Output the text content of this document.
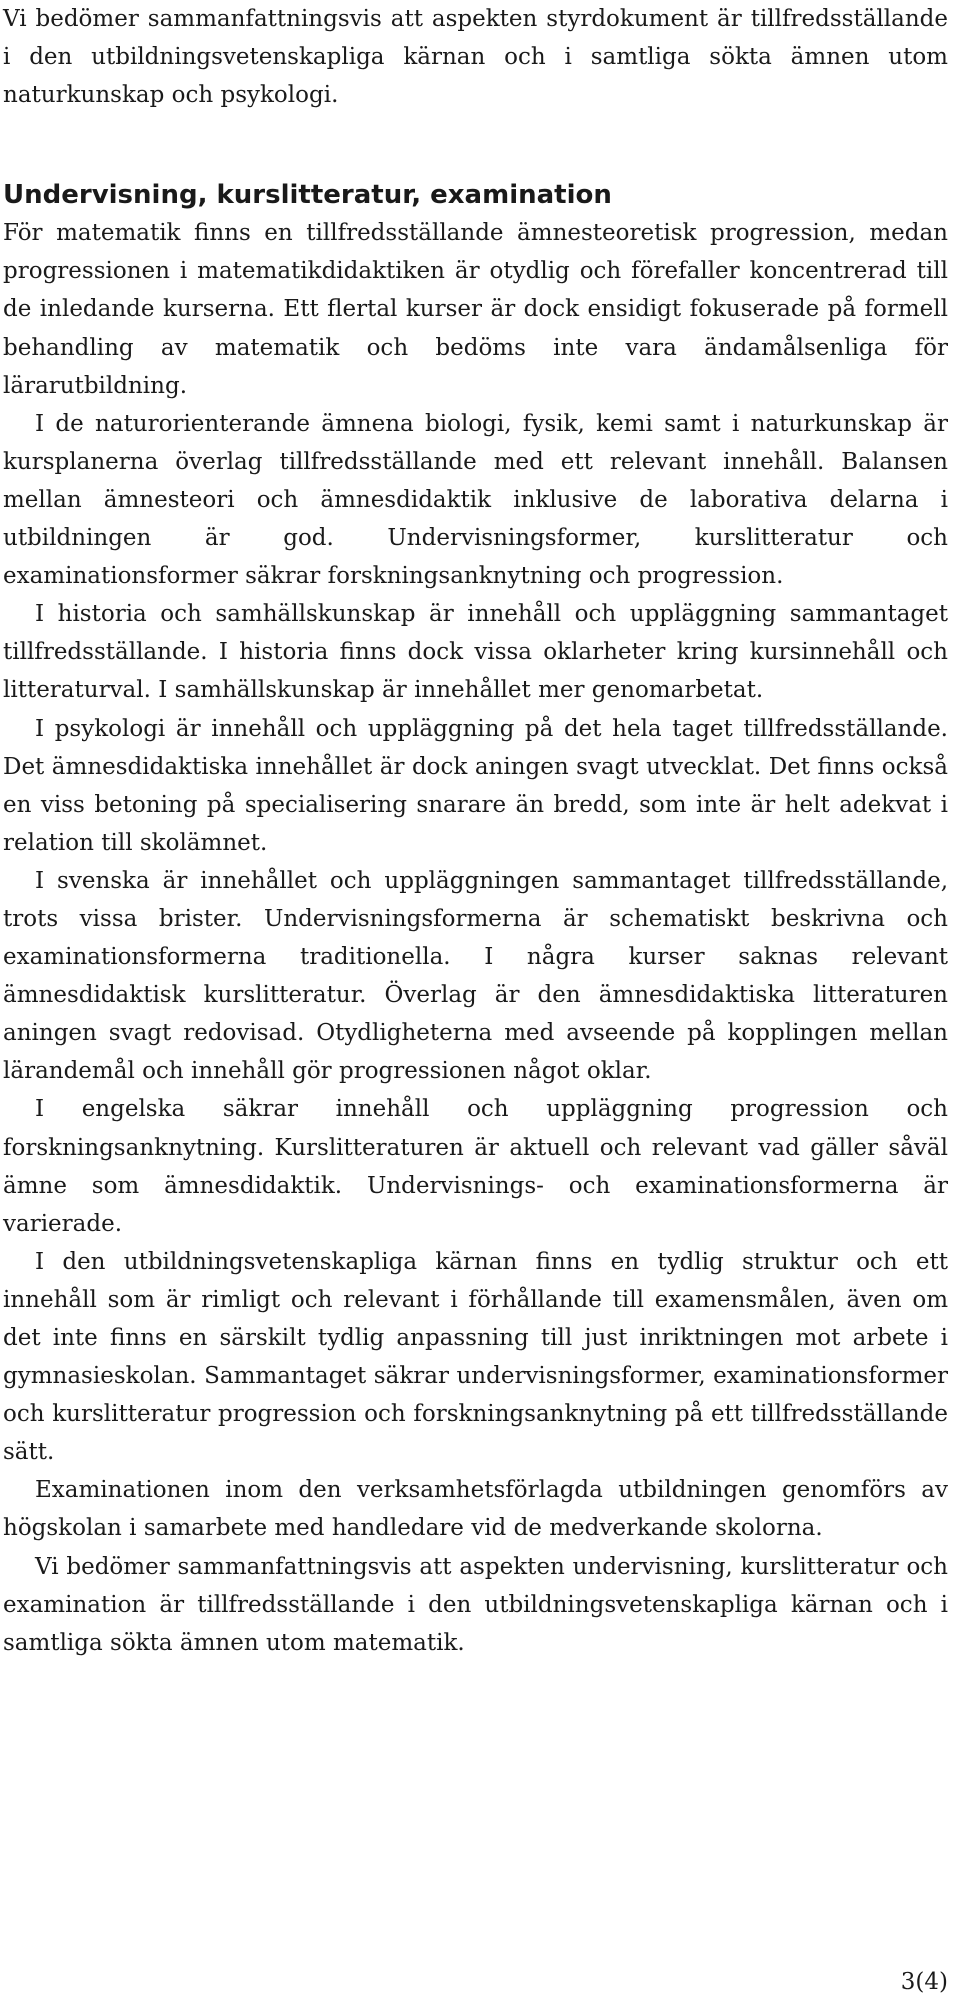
Vi bedömer sammanfattningsvis att aspekten styrdokument är tillfredsställande i den utbildningsvetenskapliga kärnan och i samtliga sökta ämnen utom naturkunskap och psykologi.

Undervisning, kurslitteratur, examination

För matematik finns en tillfredsställande ämnesteoretisk progression, medan progressionen i matematikdidaktiken är otydlig och förefaller koncentrerad till de inledande kurserna. Ett flertal kurser är dock ensidigt fokuserade på formell behandling av matematik och bedöms inte vara ändamålsenliga för lärarutbildning.

I de naturorienterande ämnena biologi, fysik, kemi samt i naturkunskap är kursplanerna överlag tillfredsställande med ett relevant innehåll. Balansen mellan ämnesteori och ämnesdidaktik inklusive de laborativa delarna i utbildningen är god. Undervisningsformer, kurslitteratur och examinationsformer säkrar forskningsanknytning och progression.

I historia och samhällskunskap är innehåll och uppläggning sammantaget tillfredsställande. I historia finns dock vissa oklarheter kring kursinnehåll och litteraturval. I samhällskunskap är innehållet mer genomarbetat.

I psykologi är innehåll och uppläggning på det hela taget tillfredsställande. Det ämnesdidaktiska innehållet är dock aningen svagt utvecklat. Det finns också en viss betoning på specialisering snarare än bredd, som inte är helt adekvat i relation till skolämnet.

I svenska är innehållet och uppläggningen sammantaget tillfredsställande, trots vissa brister. Undervisningsformerna är schematiskt beskrivna och examinationsformerna traditionella. I några kurser saknas relevant ämnesdidaktisk kurslitteratur. Överlag är den ämnesdidaktiska litteraturen aningen svagt redovisad. Otydligheterna med avseende på kopplingen mellan lärandemål och innehåll gör progressionen något oklar.

I engelska säkrar innehåll och uppläggning progression och forskningsanknytning. Kurslitteraturen är aktuell och relevant vad gäller såväl ämne som ämnesdidaktik. Undervisnings- och examinationsformerna är varierade.

I den utbildningsvetenskapliga kärnan finns en tydlig struktur och ett innehåll som är rimligt och relevant i förhållande till examensmålen, även om det inte finns en särskilt tydlig anpassning till just inriktningen mot arbete i gymnasieskolan. Sammantaget säkrar undervisningsformer, examinationsformer och kurslitteratur progression och forskningsanknytning på ett tillfredsställande sätt.

Examinationen inom den verksamhetsförlagda utbildningen genomförs av högskolan i samarbete med handledare vid de medverkande skolorna.

Vi bedömer sammanfattningsvis att aspekten undervisning, kurslitteratur och examination är tillfredsställande i den utbildningsvetenskapliga kärnan och i samtliga sökta ämnen utom matematik.

3(4)
